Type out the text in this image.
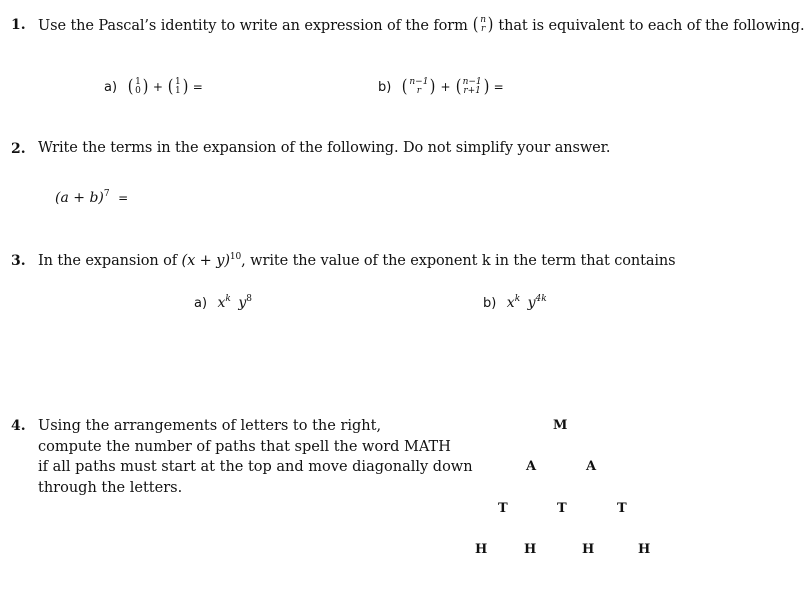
1. Use the Pascal’s identity to write an expression of the form ( n
r ) that is equivalent to each of the following.
a) ( 1
0 ) + ( 1
1 ) =	b) ( n−1
r ) + ( n−1
r+1 ) =
2. Write the terms in the expansion of the following. Do not simplify your answer.
$(a + b)^7$ =
3. In the expansion of $(x + y)^{10}$, write the value of the exponent k in the term that contains
a) $x^k$ $y^8$	b) $x^k$ $y^{4k}$
4. Using the arrangements of letters to the right,
compute the number of paths that spell the word MATH
if all paths must start at the top and move diagonally down
through the letters.
M
A	A
T	T	T
H	H	H	H
